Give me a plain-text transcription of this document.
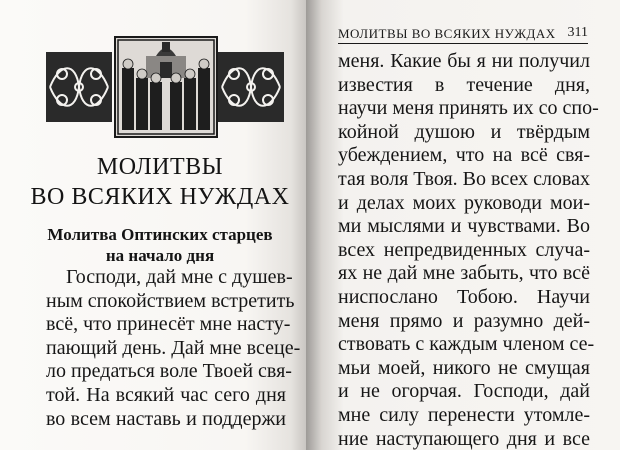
МОЛИТВЫ
ВО ВСЯКИХ НУЖДАХ
Молитва Оптинских старцев
на начало дня
Господи, дай мне с душев-
ным спокойствием встретить
всё, что принесёт мне насту-
пающий день. Дай мне всеце-
ло предаться воле Твоей свя-
той. На всякий час сего дня
во всем наставь и поддержи
МОЛИТВЫ ВО ВСЯКИХ НУЖДАХ 311
меня. Какие бы я ни получил
известия в течение дня,
научи меня принять их со спо-
койной душою и твёрдым
убеждением, что на всё свя-
тая воля Твоя. Во всех словах
и делах моих руководи мои-
ми мыслями и чувствами. Во
всех непредвиденных случа-
ях не дай мне забыть, что всё
ниспослано Тобою. Научи
меня прямо и разумно дей-
ствовать с каждым членом се-
мьи моей, никого не смущая
и не огорчая. Господи, дай
мне силу перенести утомле-
ние наступающего дня и все
